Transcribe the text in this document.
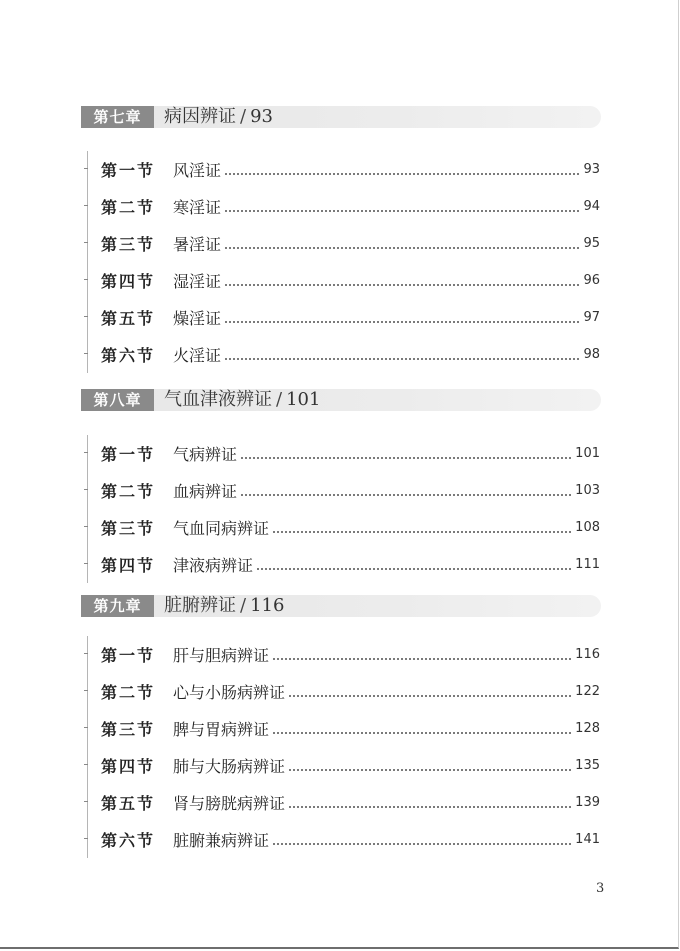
第七章	病因辨证 / 93
第一节	风淫证	93
第二节	寒淫证	94
第三节	暑淫证	95
第四节	湿淫证	96
第五节	燥淫证	97
第六节	火淫证	98
第八章	气血津液辨证 / 101
第一节	气病辨证	101
第二节	血病辨证	103
第三节	气血同病辨证	108
第四节	津液病辨证	111
第九章	脏腑辨证 / 116
第一节	肝与胆病辨证	116
第二节	心与小肠病辨证	122
第三节	脾与胃病辨证	128
第四节	肺与大肠病辨证	135
第五节	肾与膀胱病辨证	139
第六节	脏腑兼病辨证	141
3
